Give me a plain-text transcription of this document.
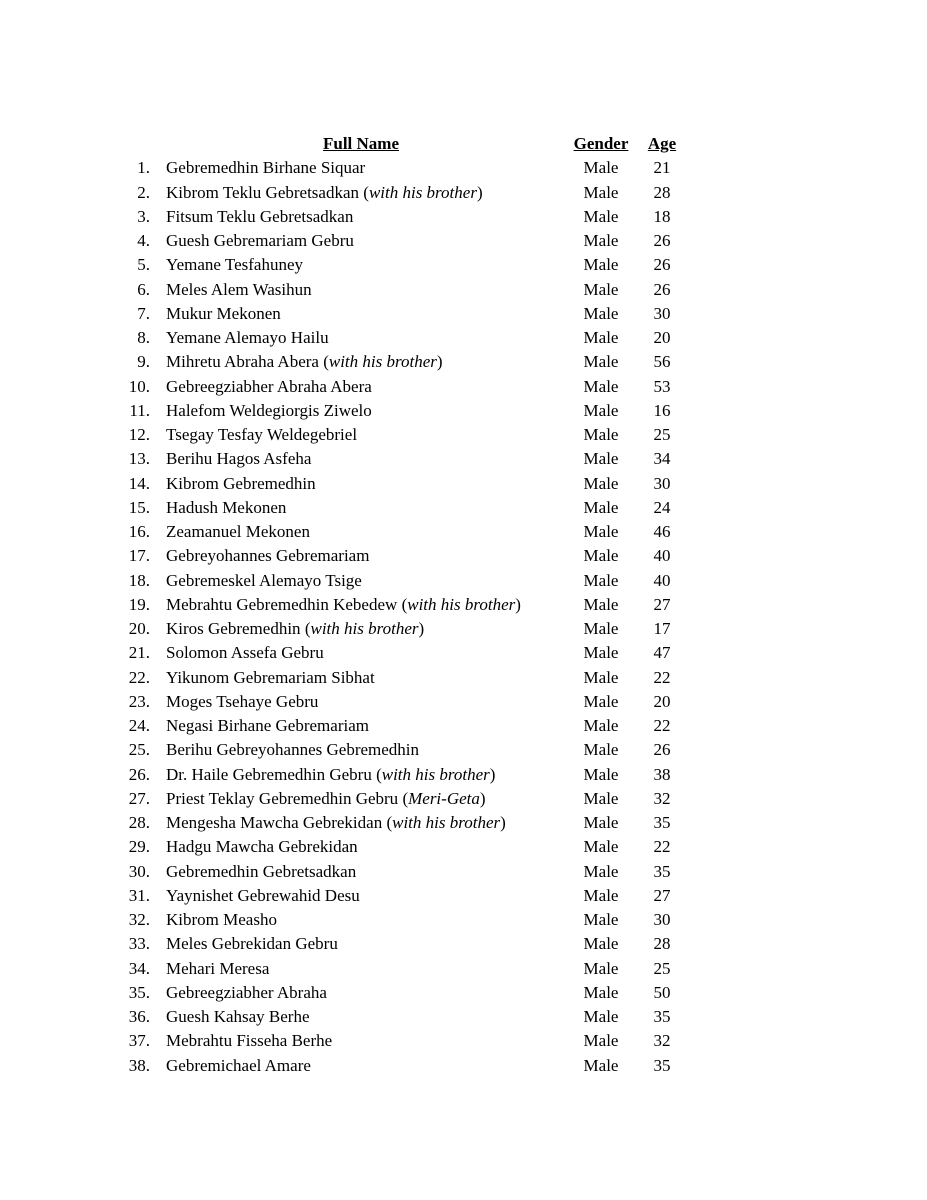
Full Name	Gender	Age
1. Gebremedhin Birhane Siquar	Male	21
2. Kibrom Teklu Gebretsadkan (with his brother)	Male	28
3. Fitsum Teklu Gebretsadkan	Male	18
4. Guesh Gebremariam Gebru	Male	26
5. Yemane Tesfahuney	Male	26
6. Meles Alem Wasihun	Male	26
7. Mukur Mekonen	Male	30
8. Yemane Alemayo Hailu	Male	20
9. Mihretu Abraha Abera (with his brother)	Male	56
10. Gebreegziabher Abraha Abera	Male	53
11. Halefom Weldegiorgis Ziwelo	Male	16
12. Tsegay Tesfay Weldegebriel	Male	25
13. Berihu Hagos Asfeha	Male	34
14. Kibrom Gebremedhin	Male	30
15. Hadush Mekonen	Male	24
16. Zeamanuel Mekonen	Male	46
17. Gebreyohannes Gebremariam	Male	40
18. Gebremeskel Alemayo Tsige	Male	40
19. Mebrahtu Gebremedhin Kebedew (with his brother)	Male	27
20. Kiros Gebremedhin (with his brother)	Male	17
21. Solomon Assefa Gebru	Male	47
22. Yikunom Gebremariam Sibhat	Male	22
23. Moges Tsehaye Gebru	Male	20
24. Negasi Birhane Gebremariam	Male	22
25. Berihu Gebreyohannes Gebremedhin	Male	26
26. Dr. Haile Gebremedhin Gebru (with his brother)	Male	38
27. Priest Teklay Gebremedhin Gebru (Meri-Geta)	Male	32
28. Mengesha Mawcha Gebrekidan (with his brother)	Male	35
29. Hadgu Mawcha Gebrekidan	Male	22
30. Gebremedhin Gebretsadkan	Male	35
31. Yaynishet Gebrewahid Desu	Male	27
32. Kibrom Measho	Male	30
33. Meles Gebrekidan Gebru	Male	28
34. Mehari Meresa	Male	25
35. Gebreegziabher Abraha	Male	50
36. Guesh Kahsay Berhe	Male	35
37. Mebrahtu Fisseha Berhe	Male	32
38. Gebremichael Amare	Male	35
